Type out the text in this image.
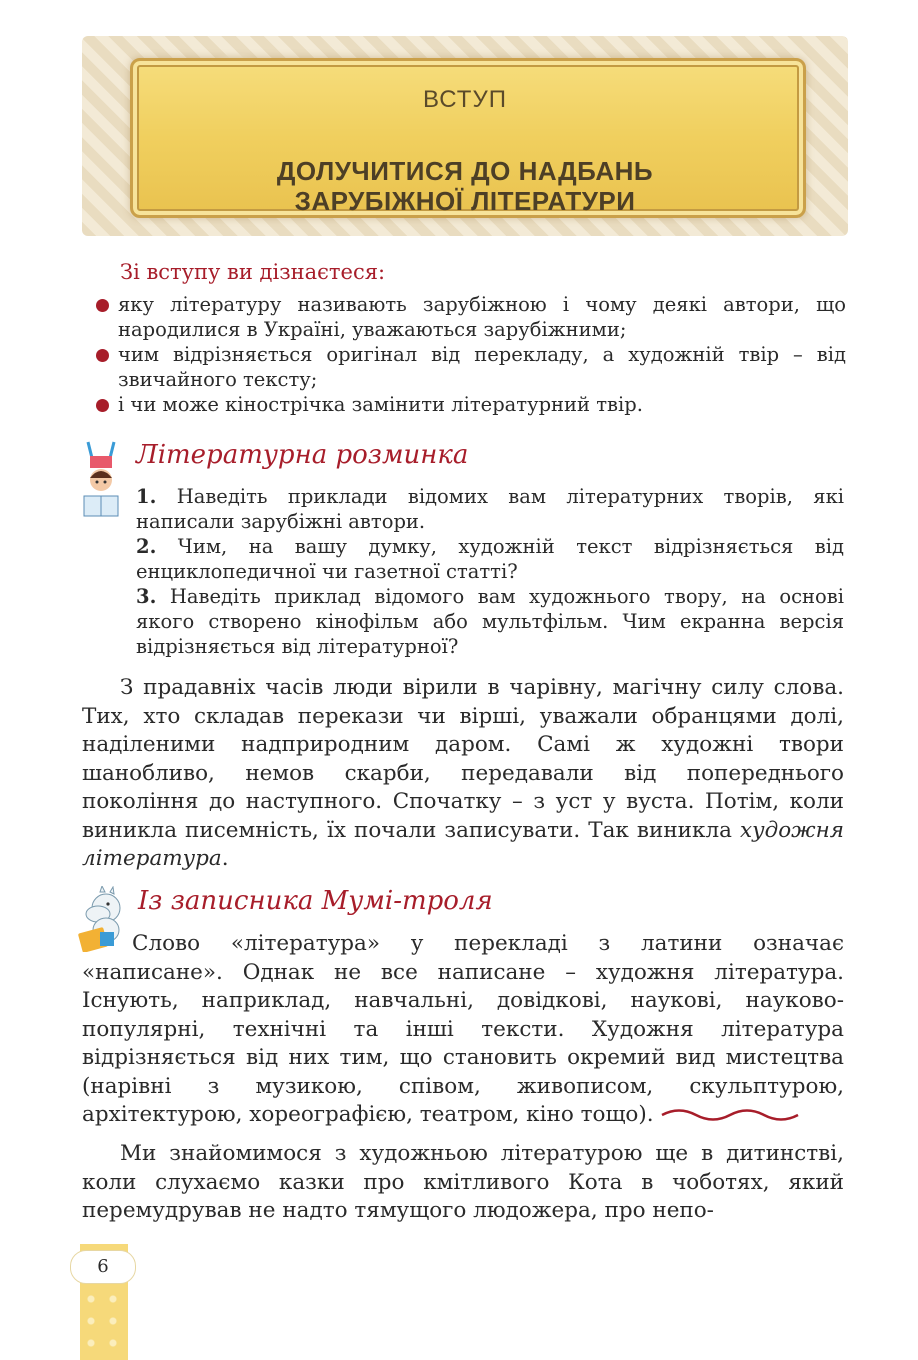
ВСТУП
ДОЛУЧИТИСЯ ДО НАДБАНЬ
ЗАРУБІЖНОЇ ЛІТЕРАТУРИ
Зі вступу ви дізнаєтеся:
яку літературу називають зарубіжною і чому деякі автори, що народилися в Україні, уважаються зарубіжними;
чим відрізняється оригінал від перекладу, а художній твір – від звичайного тексту;
і чи може кінострічка замінити літературний твір.
Літературна розминка
1. Наведіть приклади відомих вам літературних творів, які написали зарубіжні автори.
2. Чим, на вашу думку, художній текст відрізняється від енциклопедичної чи газетної статті?
3. Наведіть приклад відомого вам художнього твору, на основі якого створено кінофільм або мультфільм. Чим екранна версія відрізняється від літературної?
З прадавніх часів люди вірили в чарівну, магічну силу слова. Тих, хто складав перекази чи вірші, уважали обранцями долі, наділеними надприродним даром. Самі ж художні твори шанобливо, немов скарби, передавали від попереднього покоління до наступного. Спочатку – з уст у вуста. Потім, коли виникла писемність, їх почали записувати. Так виникла художня література.
Із записника Мумі-троля
Слово «література» у перекладі з латини означає «написане». Однак не все написане – художня література. Існують, наприклад, навчальні, довідкові, наукові, науково-популярні, технічні та інші тексти. Художня література відрізняється від них тим, що становить окремий вид мистецтва (нарівні з музикою, співом, живописом, скульптурою, архітектурою, хореографією, театром, кіно тощо).
Ми знайомимося з художньою літературою ще в дитинстві, коли слухаємо казки про кмітливого Кота в чоботях, який перемудрував не надто тямущого людожера, про непо-
6
